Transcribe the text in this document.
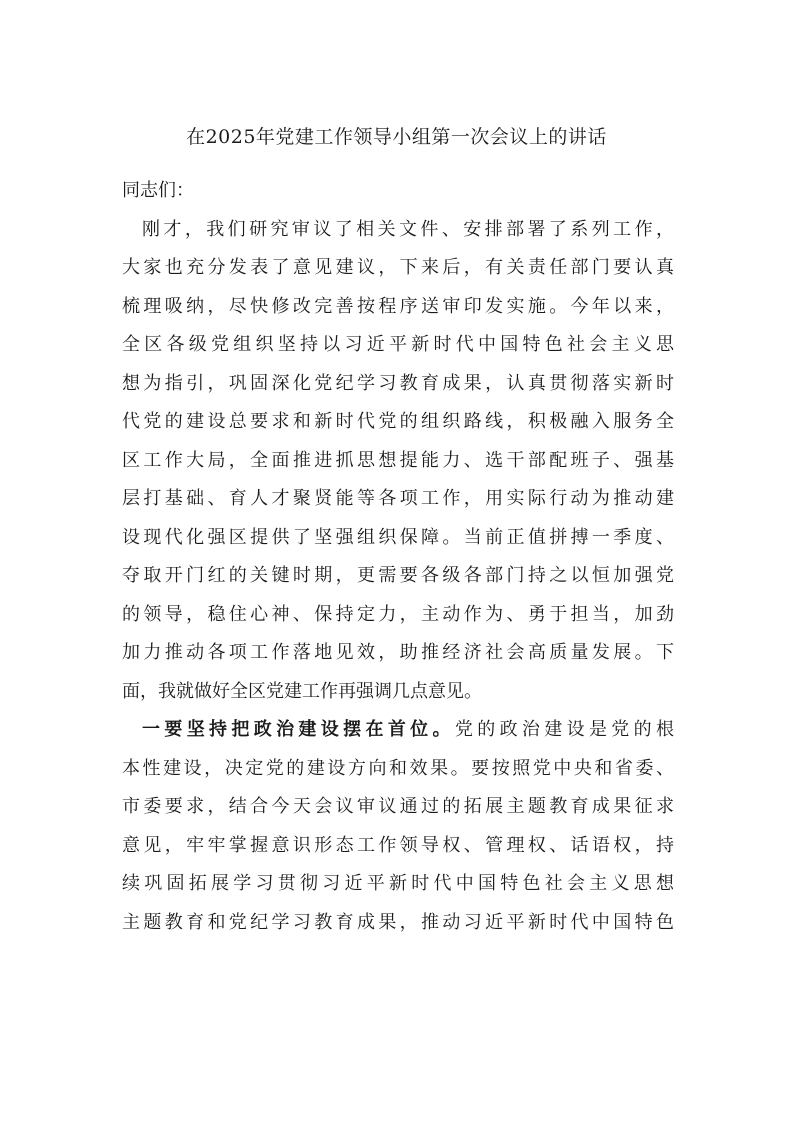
在2025年党建工作领导小组第一次会议上的讲话
同志们：
刚才，我们研究审议了相关文件、安排部署了系列工作，
大家也充分发表了意见建议，下来后，有关责任部门要认真
梳理吸纳，尽快修改完善按程序送审印发实施。今年以来，
全区各级党组织坚持以习近平新时代中国特色社会主义思
想为指引，巩固深化党纪学习教育成果，认真贯彻落实新时
代党的建设总要求和新时代党的组织路线，积极融入服务全
区工作大局，全面推进抓思想提能力、选干部配班子、强基
层打基础、育人才聚贤能等各项工作，用实际行动为推动建
设现代化强区提供了坚强组织保障。当前正值拼搏一季度、
夺取开门红的关键时期，更需要各级各部门持之以恒加强党
的领导，稳住心神、保持定力，主动作为、勇于担当，加劲
加力推动各项工作落地见效，助推经济社会高质量发展。下
面，我就做好全区党建工作再强调几点意见。
一要坚持把政治建设摆在首位。党的政治建设是党的根
本性建设，决定党的建设方向和效果。要按照党中央和省委、
市委要求，结合今天会议审议通过的拓展主题教育成果征求
意见，牢牢掌握意识形态工作领导权、管理权、话语权，持
续巩固拓展学习贯彻习近平新时代中国特色社会主义思想
主题教育和党纪学习教育成果，推动习近平新时代中国特色
